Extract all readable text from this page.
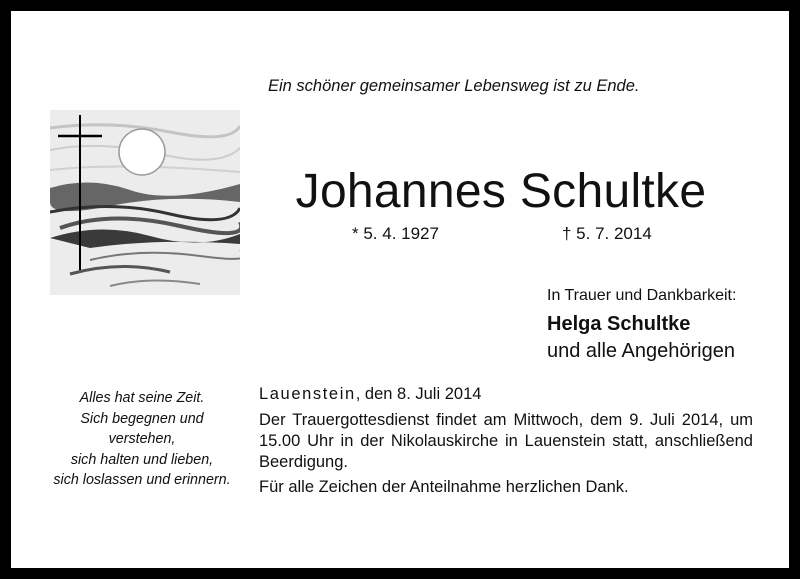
Ein schöner gemeinsamer Lebensweg ist zu Ende.
Johannes Schultke
* 5. 4. 1927	† 5. 7. 2014
In Trauer und Dankbarkeit:
Helga Schultke
und alle Angehörigen
Alles hat seine Zeit.
Sich begegnen und
verstehen,
sich halten und lieben,
sich loslassen und erinnern.
Lauenstein, den 8. Juli 2014
Der Trauergottesdienst findet am Mittwoch, dem 9. Juli 2014, um 15.00 Uhr in der Nikolauskirche in Lauenstein statt, anschließend Beerdigung.
Für alle Zeichen der Anteilnahme herzlichen Dank.
